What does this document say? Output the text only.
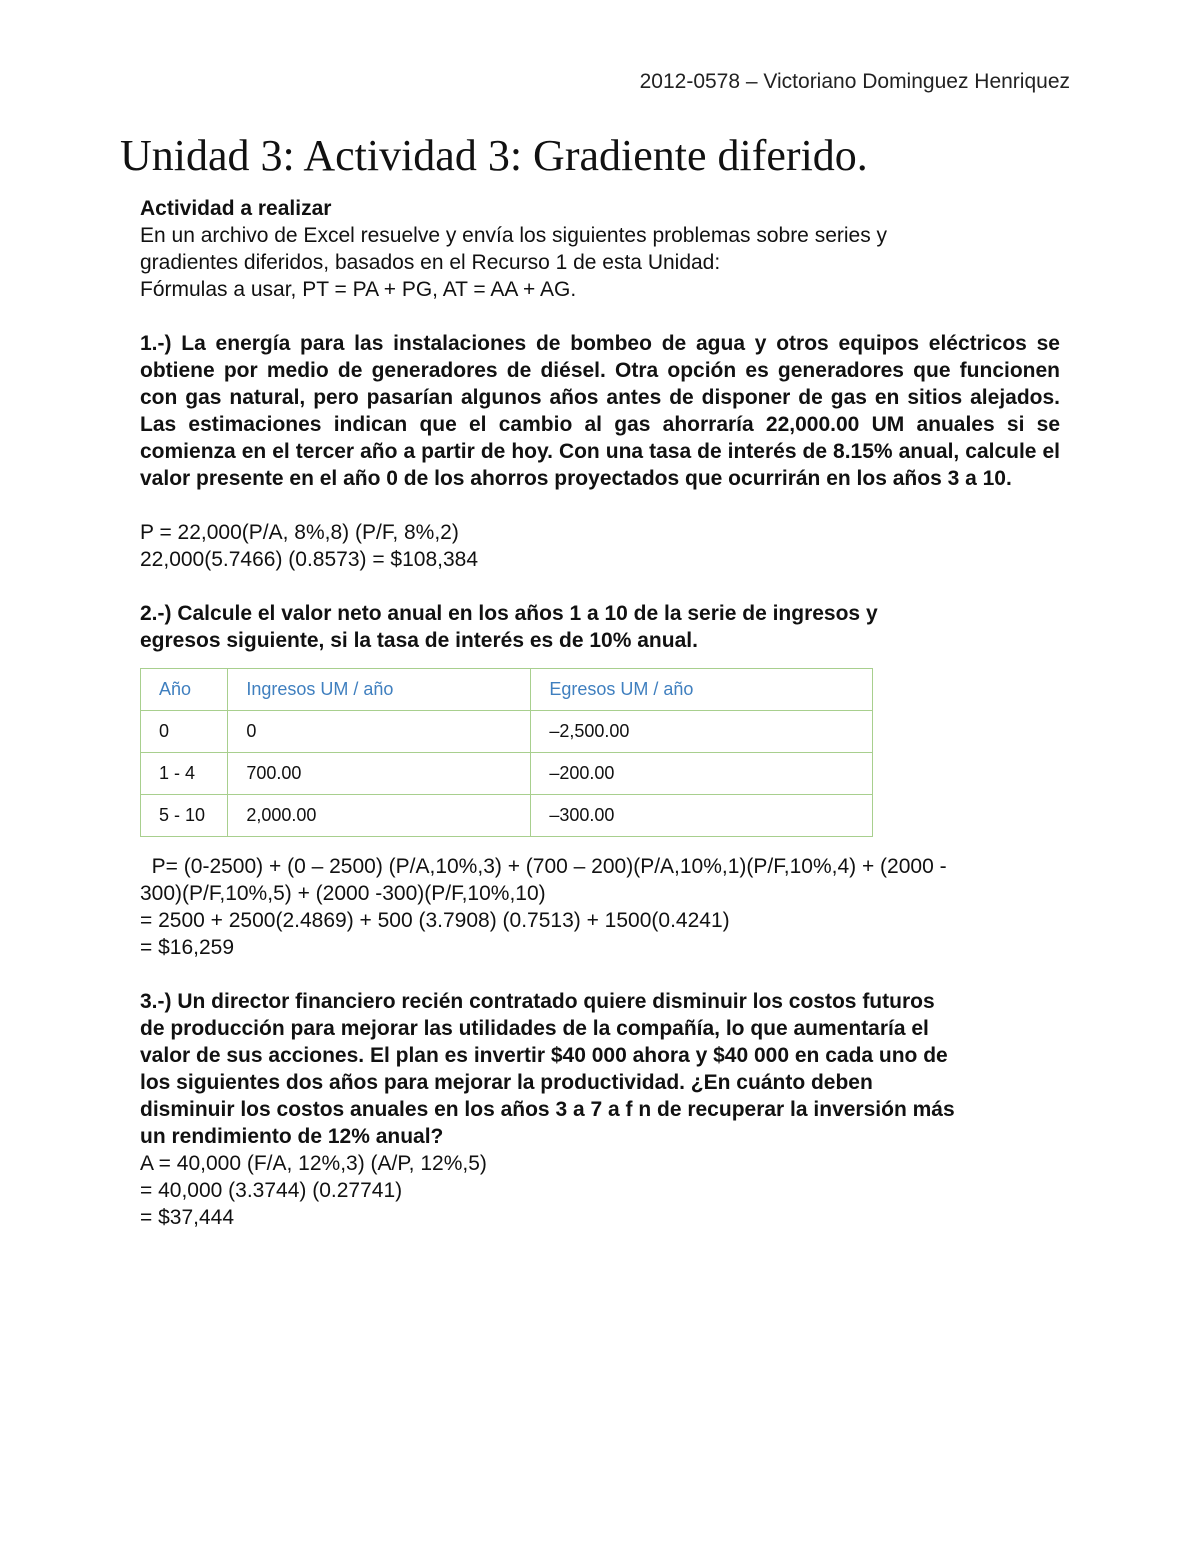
2012-0578 – Victoriano Dominguez Henriquez
Unidad 3: Actividad 3: Gradiente diferido.

Actividad a realizar

En un archivo de Excel resuelve y envía los siguientes problemas sobre series y

gradientes diferidos, basados en el Recurso 1 de esta Unidad:

Fórmulas a usar, PT = PA + PG, AT = AA + AG.

1.-) La energía para las instalaciones de bombeo de agua y otros equipos eléctricos se obtiene por medio de generadores de diésel. Otra opción es generadores que funcionen con gas natural, pero pasarían algunos años antes de disponer de gas en sitios alejados. Las estimaciones indican que el cambio al gas ahorraría 22,000.00 UM anuales si se comienza en el tercer año a partir de hoy. Con una tasa de interés de 8.15% anual, calcule el valor presente en el año 0 de los ahorros proyectados que ocurrirán en los años 3 a 10.

P = 22,000(P/A, 8%,8) (P/F, 8%,2)

22,000(5.7466) (0.8573) = $108,384

2.-) Calcule el valor neto anual en los años 1 a 10 de la serie de ingresos y

egresos siguiente, si la tasa de interés es de 10% anual.

Año	Ingresos UM / año	Egresos UM / año
0	0	–2,500.00
1 - 4	700.00	–200.00
5 - 10	2,000.00	–300.00

P= (0-2500) + (0 – 2500) (P/A,10%,3) + (700 – 200)(P/A,10%,1)(P/F,10%,4) + (2000 -

300)(P/F,10%,5) + (2000 -300)(P/F,10%,10)

= 2500 + 2500(2.4869) + 500 (3.7908) (0.7513) + 1500(0.4241)

= $16,259

3.-) Un director financiero recién contratado quiere disminuir los costos futuros

de producción para mejorar las utilidades de la compañía, lo que aumentaría el

valor de sus acciones. El plan es invertir $40 000 ahora y $40 000 en cada uno de

los siguientes dos años para mejorar la productividad. ¿En cuánto deben

disminuir los costos anuales en los años 3 a 7 a f n de recuperar la inversión más

un rendimiento de 12% anual?

A = 40,000 (F/A, 12%,3) (A/P, 12%,5)

= 40,000 (3.3744) (0.27741)

= $37,444
